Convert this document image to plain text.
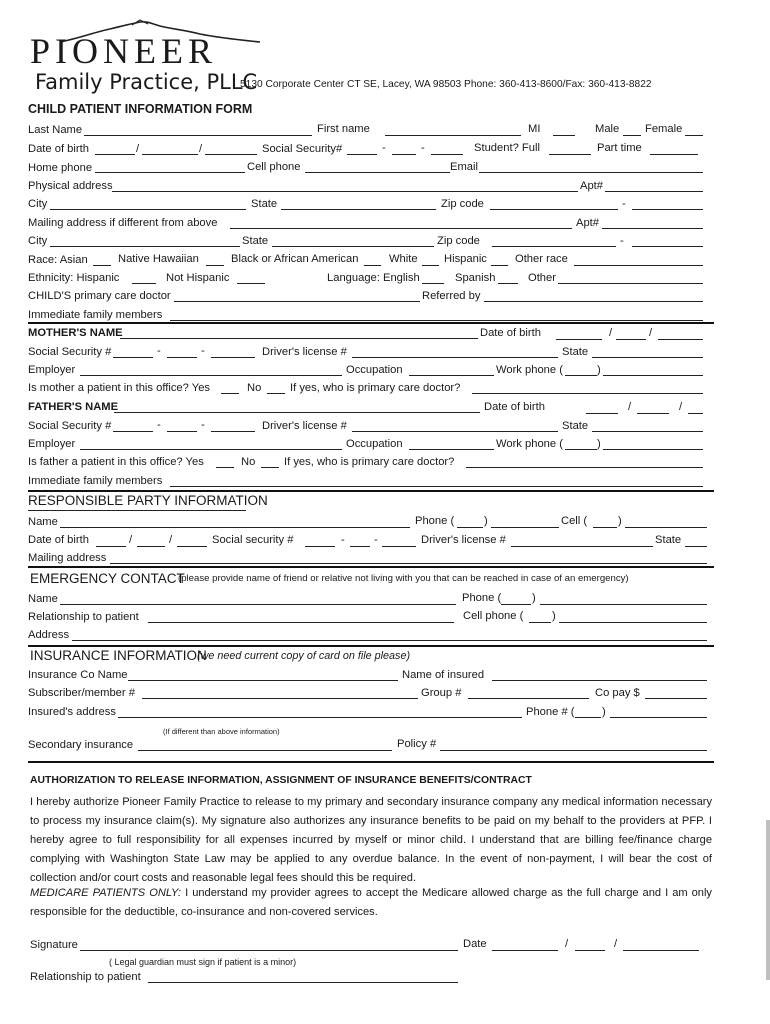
PIONEER
Family Practice, PLLC
5130 Corporate Center CT SE, Lacey, WA 98503 Phone: 360-413-8600/Fax: 360-413-8822
CHILD PATIENT INFORMATION FORM
Last Name	First name	MI	Male Female
Date of birth	/	/	Social Security#	-	-	Student? Full	Part time
Home phone	Cell phone	Email
Physical address	Apt#
City	State	Zip code	-
Mailing address if different from above	Apt#
City	State	Zip code	-
Race: Asian	Native Hawaiian	Black or African American	White Hispanic	Other race
Ethnicity: Hispanic	Not Hispanic	Language: English	Spanish	Other
CHILD'S primary care doctor	Referred by
Immediate family members
MOTHER'S NAME	Date of birth	/	/
Social Security #	-	-	Driver's license #	State
Employer	Occupation	Work phone (	)
Is mother a patient in this office? Yes	No	If yes, who is primary care doctor?
FATHER'S NAME	Date of birth	/	/
Social Security #	-	-	Driver's license #	State
Employer	Occupation	Work phone (	)
Is father a patient in this office? Yes	No	If yes, who is primary care doctor?
Immediate family members
RESPONSIBLE PARTY INFORMATION
Name	Phone (	)	Cell (	)
Date of birth	/	/	Social security #	-	-	Driver's license #	State
Mailing address
EMERGENCY CONTACT
(please provide name of friend or relative not living with you that can be reached in case of an emergency)
Name	Phone (	)
Relationship to patient	Cell phone (	)
Address
INSURANCE INFORMATION
(we need current copy of card on file please)
Insurance Co Name	Name of insured
Subscriber/member #	Group #	Co pay $
Insured's address	Phone # ( )
(If different than above information)
Secondary insurance	Policy #
AUTHORIZATION TO RELEASE INFORMATION, ASSIGNMENT OF INSURANCE BENEFITS/CONTRACT
I hereby authorize Pioneer Family Practice to release to my primary and secondary insurance company any medical information necessary to process my insurance claim(s). My signature also authorizes any insurance benefits to be paid on my behalf to the providers at PFP. I hereby agree to full responsibility for all expenses incurred by myself or minor child. I understand that are billing fee/finance charge complying with Washington State Law may be applied to any overdue balance. In the event of non-payment, I will bear the cost of collection and/or court costs and reasonable legal fees should this be required.
MEDICARE PATIENTS ONLY: I understand my provider agrees to accept the Medicare allowed charge as the full charge and I am only responsible for the deductible, co-insurance and non-covered services.
Signature	Date	/	/
( Legal guardian must sign if patient is a minor)
Relationship to patient
